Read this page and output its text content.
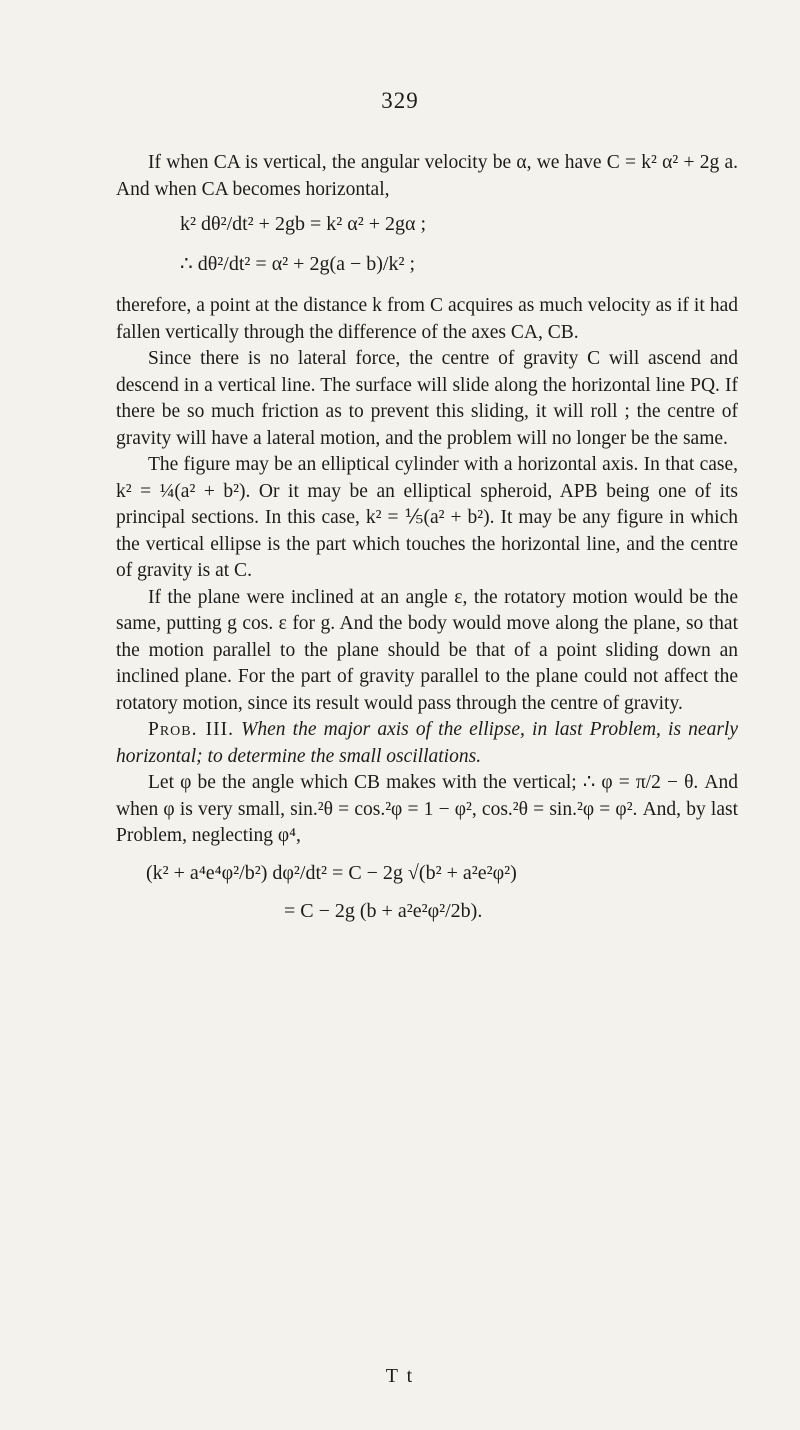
329

If when CA is vertical, the angular velocity be α, we have C = k² α² + 2g a. And when CA becomes horizontal,

k² dθ²/dt² + 2gb = k² α² + 2gα ;
∴ dθ²/dt² = α² + 2g(a − b)/k² ;

therefore, a point at the distance k from C acquires as much velocity as if it had fallen vertically through the difference of the axes CA, CB.

Since there is no lateral force, the centre of gravity C will ascend and descend in a vertical line. The surface will slide along the horizontal line PQ. If there be so much friction as to prevent this sliding, it will roll ; the centre of gravity will have a lateral motion, and the problem will no longer be the same.

The figure may be an elliptical cylinder with a horizontal axis. In that case, k² = ¼(a² + b²). Or it may be an elliptical spheroid, APB being one of its principal sections. In this case, k² = ⅕(a² + b²). It may be any figure in which the vertical ellipse is the part which touches the horizontal line, and the centre of gravity is at C.

If the plane were inclined at an angle ε, the rotatory motion would be the same, putting g cos. ε for g. And the body would move along the plane, so that the motion parallel to the plane should be that of a point sliding down an inclined plane. For the part of gravity parallel to the plane could not affect the rotatory motion, since its result would pass through the centre of gravity.

Prob. III. When the major axis of the ellipse, in last Problem, is nearly horizontal; to determine the small oscillations.

Let φ be the angle which CB makes with the vertical; ∴ φ = π/2 − θ. And when φ is very small, sin.²θ = cos.²φ = 1 − φ², cos.²θ = sin.²φ = φ². And, by last Problem, neglecting φ⁴,

(k² + a⁴e⁴φ²/b²) dφ²/dt² = C − 2g √(b² + a²e²φ²)
= C − 2g (b + a²e²φ²/2b).
T t
